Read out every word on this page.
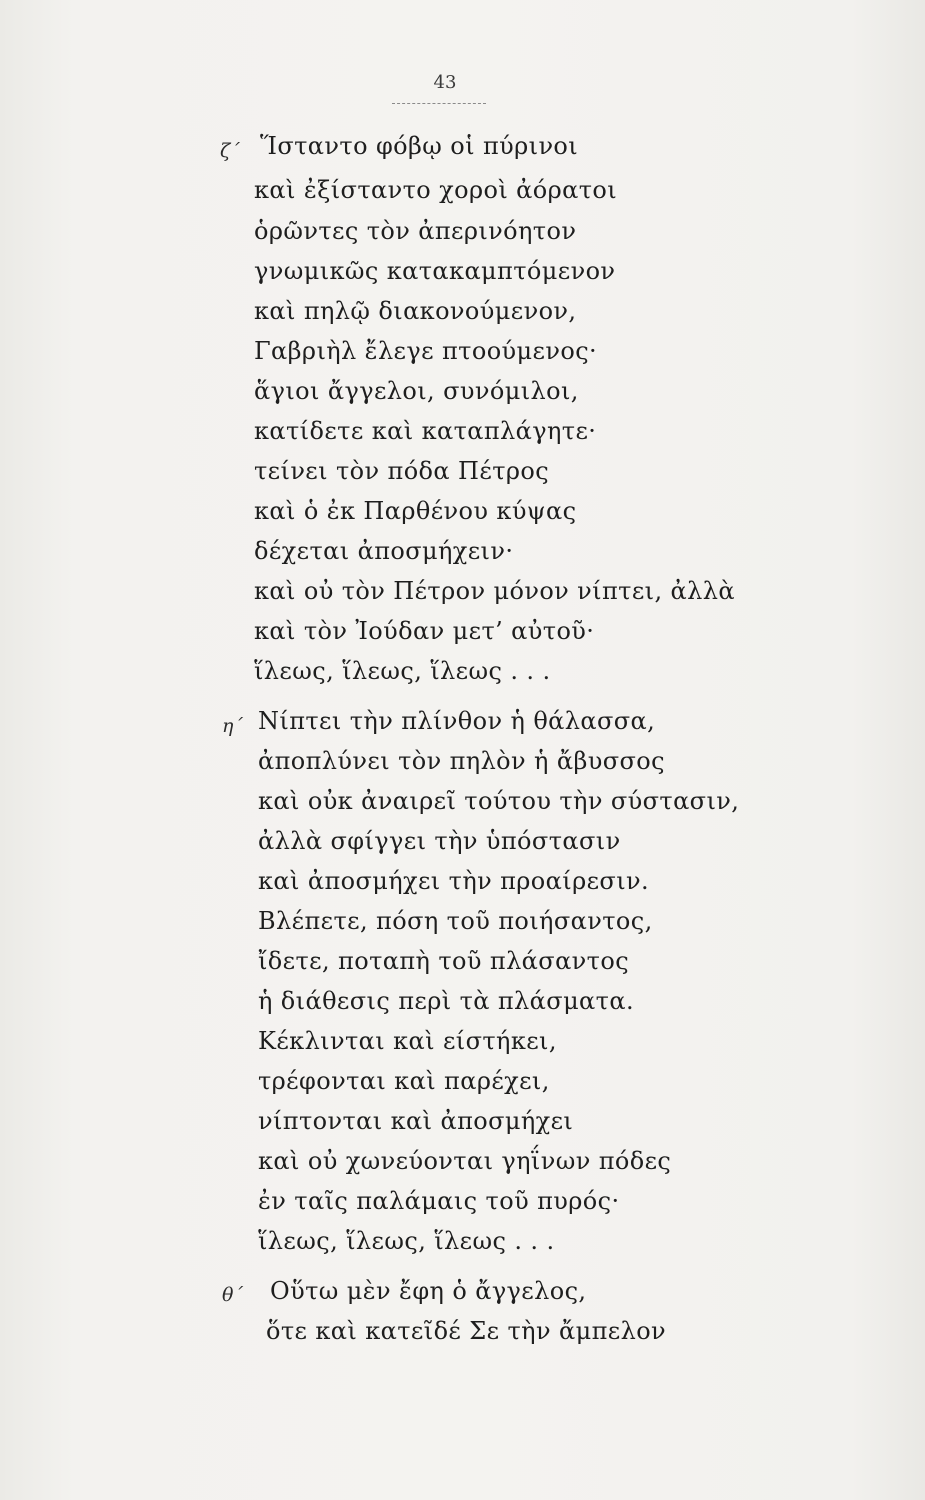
43
ζ΄ Ἵσταντο φόβῳ οἱ πύρινοι
καὶ ἐξίσταντο χοροὶ ἀόρατοι
ὁρῶντες τὸν ἀπερινόητον
γνωμικῶς κατακαμπτόμενον
καὶ πηλῷ διακονούμενον,
Γαβριὴλ ἔλεγε πτοούμενος·
ἅγιοι ἄγγελοι, συνόμιλοι,
κατίδετε καὶ καταπλάγητε·
τείνει τὸν πόδα Πέτρος
καὶ ὁ ἐκ Παρθένου κύψας
δέχεται ἀποσμήχειν·
καὶ οὐ τὸν Πέτρον μόνον νίπτει, ἀλλὰ
καὶ τὸν Ἰούδαν μετ’ αὐτοῦ·
ἵλεως, ἵλεως, ἵλεως . . .
η΄ Νίπτει τὴν πλίνθον ἡ θάλασσα,
ἀποπλύνει τὸν πηλὸν ἡ ἄβυσσος
καὶ οὐκ ἀναιρεῖ τούτου τὴν σύστασιν,
ἀλλὰ σφίγγει τὴν ὑπόστασιν
καὶ ἀποσμήχει τὴν προαίρεσιν.
Βλέπετε, πόση τοῦ ποιήσαντος,
ἴδετε, ποταπὴ τοῦ πλάσαντος
ἡ διάθεσις περὶ τὰ πλάσματα.
Κέκλινται καὶ είστήκει,
τρέφονται καὶ παρέχει,
νίπτονται καὶ ἀποσμήχει
καὶ οὐ χωνεύονται γηΐνων πόδες
ἐν ταῖς παλάμαις τοῦ πυρός·
ἵλεως, ἵλεως, ἵλεως . . .
θ΄ Οὕτω μὲν ἔφη ὁ ἄγγελος,
ὅτε καὶ κατεῖδέ Σε τὴν ἄμπελον
